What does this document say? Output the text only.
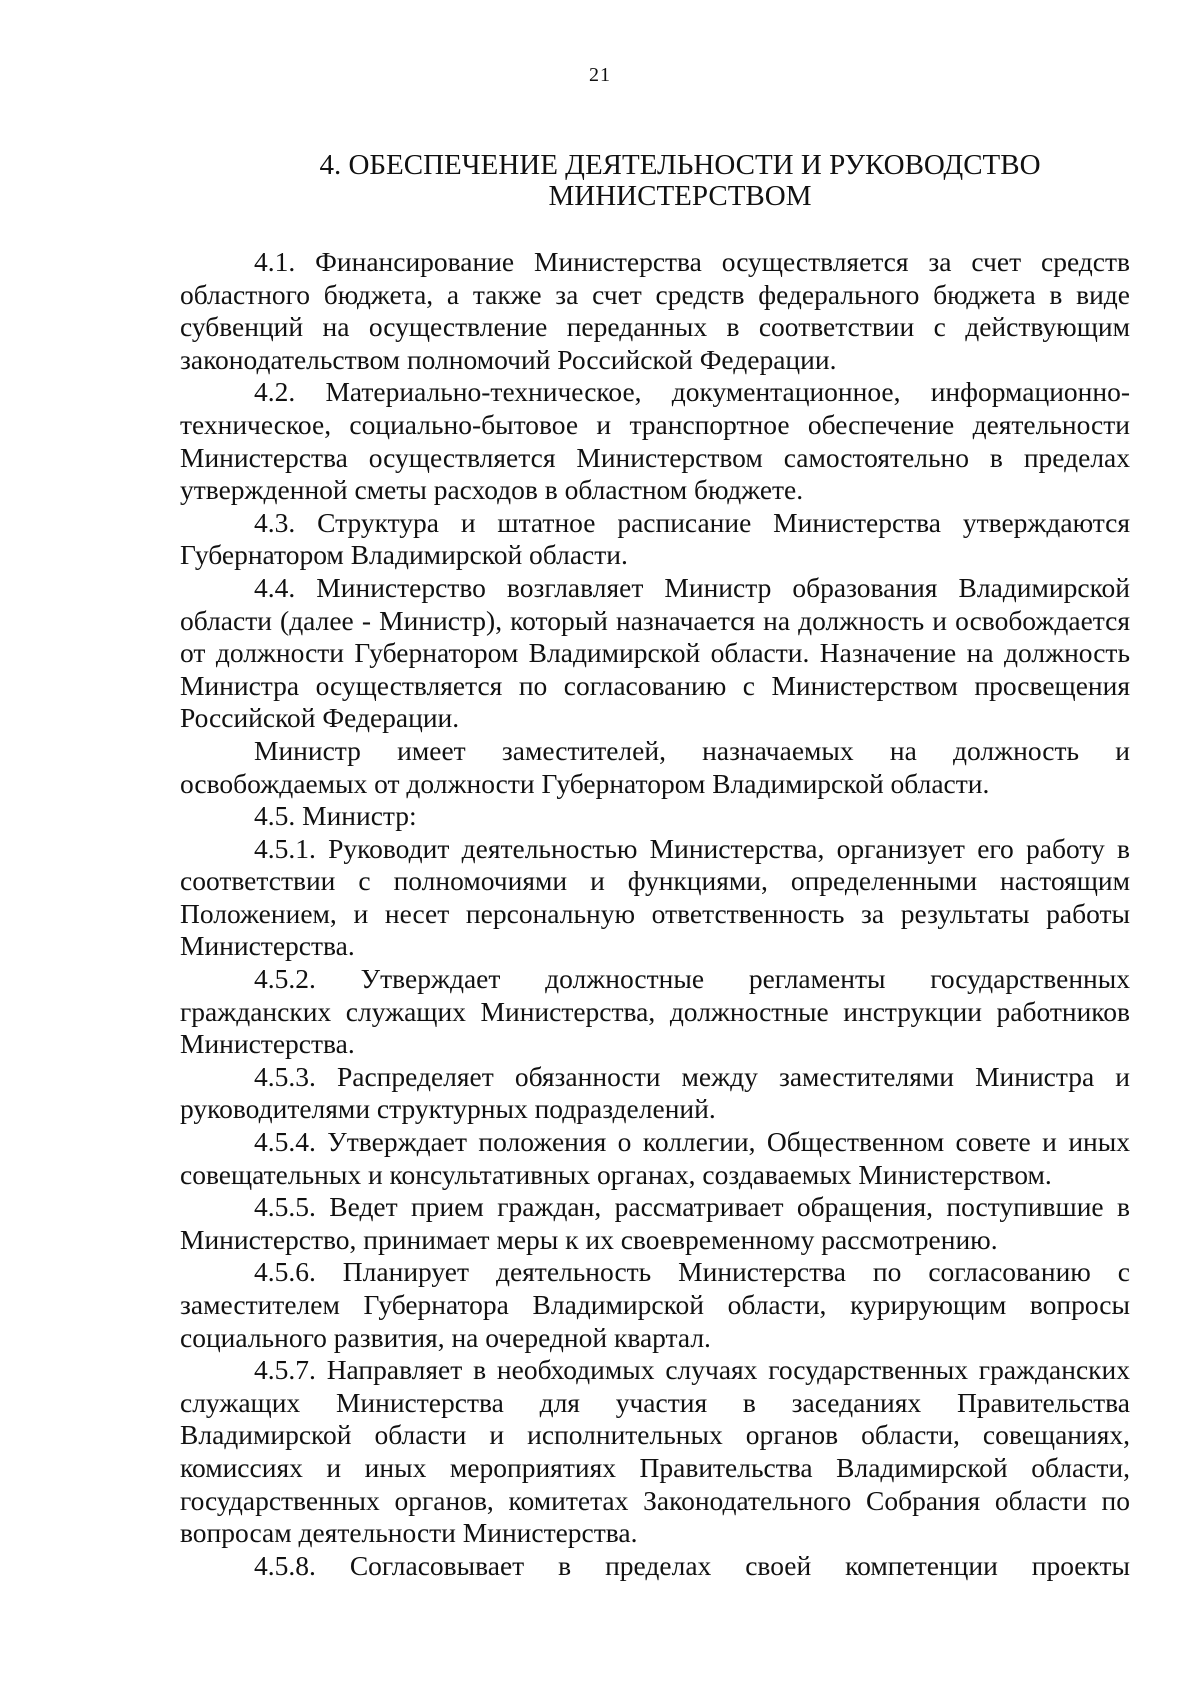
21
4. ОБЕСПЕЧЕНИЕ ДЕЯТЕЛЬНОСТИ И РУКОВОДСТВО
МИНИСТЕРСТВОМ

4.1. Финансирование Министерства осуществляется за счет средств областного бюджета, а также за счет средств федерального бюджета в виде субвенций на осуществление переданных в соответствии с действующим законодательством полномочий Российской Федерации.

4.2. Материально-техническое, документационное, информационно-техническое, социально-бытовое и транспортное обеспечение деятельности Министерства осуществляется Министерством самостоятельно в пределах утвержденной сметы расходов в областном бюджете.

4.3. Структура и штатное расписание Министерства утверждаются Губернатором Владимирской области.

4.4. Министерство возглавляет Министр образования Владимирской области (далее - Министр), который назначается на должность и освобождается от должности Губернатором Владимирской области. Назначение на должность Министра осуществляется по согласованию с Министерством просвещения Российской Федерации.

Министр имеет заместителей, назначаемых на должность и освобождаемых от должности Губернатором Владимирской области.

4.5. Министр:

4.5.1. Руководит деятельностью Министерства, организует его работу в соответствии с полномочиями и функциями, определенными настоящим Положением, и несет персональную ответственность за результаты работы Министерства.

4.5.2. Утверждает должностные регламенты государственных гражданских служащих Министерства, должностные инструкции работников Министерства.

4.5.3. Распределяет обязанности между заместителями Министра и руководителями структурных подразделений.

4.5.4. Утверждает положения о коллегии, Общественном совете и иных совещательных и консультативных органах, создаваемых Министерством.

4.5.5. Ведет прием граждан, рассматривает обращения, поступившие в Министерство, принимает меры к их своевременному рассмотрению.

4.5.6. Планирует деятельность Министерства по согласованию с заместителем Губернатора Владимирской области, курирующим вопросы социального развития, на очередной квартал.

4.5.7. Направляет в необходимых случаях государственных гражданских служащих Министерства для участия в заседаниях Правительства Владимирской области и исполнительных органов области, совещаниях, комиссиях и иных мероприятиях Правительства Владимирской области, государственных органов, комитетах Законодательного Собрания области по вопросам деятельности Министерства.

4.5.8. Согласовывает в пределах своей компетенции проекты
